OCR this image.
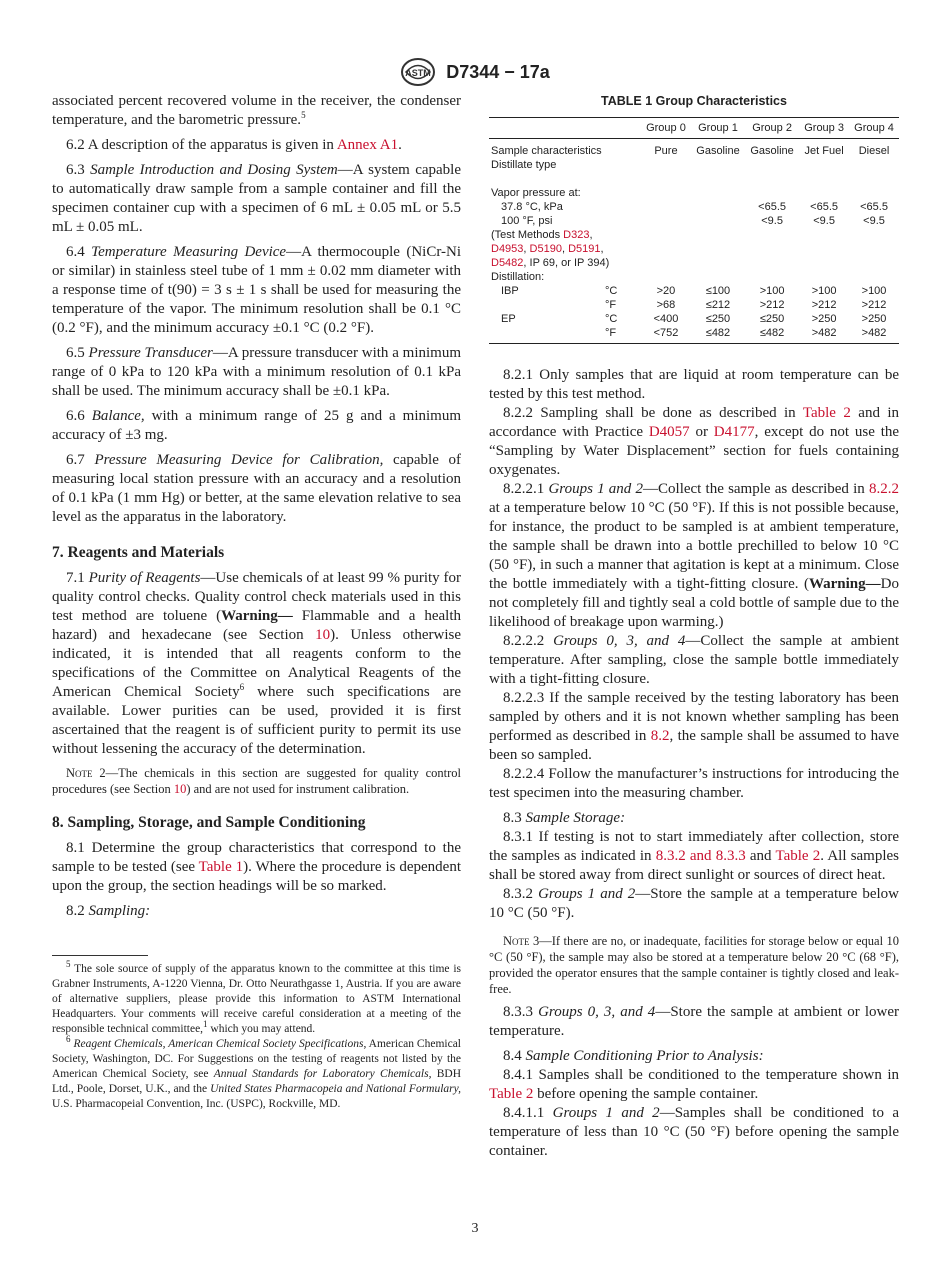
ASTM D7344 − 17a

associated percent recovered volume in the receiver, the condenser temperature, and the barometric pressure.$^5$

6.2 A description of the apparatus is given in Annex A1.

6.3 Sample Introduction and Dosing System—A system capable to automatically draw sample from a sample container and fill the specimen container cup with a specimen of 6 mL ± 0.05 mL or 5.5 mL ± 0.05 mL.

6.4 Temperature Measuring Device—A thermocouple (NiCr-Ni or similar) in stainless steel tube of 1 mm ± 0.02 mm diameter with a response time of t(90) = 3 s ± 1 s shall be used for measuring the temperature of the vapor. The minimum resolution shall be 0.1 °C (0.2 °F), and the minimum accuracy ±0.1 °C (0.2 °F).

6.5 Pressure Transducer—A pressure transducer with a minimum range of 0 kPa to 120 kPa with a minimum resolution of 0.1 kPa shall be used. The minimum accuracy shall be ±0.1 kPa.

6.6 Balance, with a minimum range of 25 g and a minimum accuracy of ±3 mg.

6.7 Pressure Measuring Device for Calibration, capable of measuring local station pressure with an accuracy and a resolution of 0.1 kPa (1 mm Hg) or better, at the same elevation relative to sea level as the apparatus in the laboratory.

7. Reagents and Materials

7.1 Purity of Reagents—Use chemicals of at least 99 % purity for quality control checks. Quality control check materials used in this test method are toluene (Warning— Flammable and a health hazard) and hexadecane (see Section 10). Unless otherwise indicated, it is intended that all reagents conform to the specifications of the Committee on Analytical Reagents of the American Chemical Society$^6$ where such specifications are available. Lower purities can be used, provided it is first ascertained that the reagent is of sufficient purity to permit its use without lessening the accuracy of the determination.

Note 2—The chemicals in this section are suggested for quality control procedures (see Section 10) and are not used for instrument calibration.

8. Sampling, Storage, and Sample Conditioning

8.1 Determine the group characteristics that correspond to the sample to be tested (see Table 1). Where the procedure is dependent upon the group, the section headings will be so marked.

8.2 Sampling:

$^5$ The sole source of supply of the apparatus known to the committee at this time is Grabner Instruments, A-1220 Vienna, Dr. Otto Neurathgasse 1, Austria. If you are aware of alternative suppliers, please provide this information to ASTM International Headquarters. Your comments will receive careful consideration at a meeting of the responsible technical committee,$^1$ which you may attend.

$^6$ Reagent Chemicals, American Chemical Society Specifications, American Chemical Society, Washington, DC. For Suggestions on the testing of reagents not listed by the American Chemical Society, see Annual Standards for Laboratory Chemicals, BDH Ltd., Poole, Dorset, U.K., and the United States Pharmacopeia and National Formulary, U.S. Pharmacopeial Convention, Inc. (USPC), Rockville, MD.

TABLE 1 Group Characteristics
		Group 0	Group 1	Group 2	Group 3	Group 4
Sample characteristics
Distillate type		Pure	Gasoline	Gasoline	Jet Fuel	Diesel
Vapor pressure at:						
37.8 °C, kPa				<65.5	<65.5	<65.5
100 °F, psi				<9.5	<9.5	<9.5
(Test Methods D323,
D4953, D5190, D5191,
D5482, IP 69, or IP 394)						
Distillation:						
IBP	°C	>20	≤100	>100	>100	>100
	°F	>68	≤212	>212	>212	>212
EP	°C	<400	≤250	≤250	>250	>250
	°F	<752	≤482	≤482	>482	>482

8.2.1 Only samples that are liquid at room temperature can be tested by this test method.

8.2.2 Sampling shall be done as described in Table 2 and in accordance with Practice D4057 or D4177, except do not use the “Sampling by Water Displacement” section for fuels containing oxygenates.

8.2.2.1 Groups 1 and 2—Collect the sample as described in 8.2.2 at a temperature below 10 °C (50 °F). If this is not possible because, for instance, the product to be sampled is at ambient temperature, the sample shall be drawn into a bottle prechilled to below 10 °C (50 °F), in such a manner that agitation is kept at a minimum. Close the bottle immediately with a tight-fitting closure. (Warning—Do not completely fill and tightly seal a cold bottle of sample due to the likelihood of breakage upon warming.)

8.2.2.2 Groups 0, 3, and 4—Collect the sample at ambient temperature. After sampling, close the sample bottle immediately with a tight-fitting closure.

8.2.2.3 If the sample received by the testing laboratory has been sampled by others and it is not known whether sampling has been performed as described in 8.2, the sample shall be assumed to have been so sampled.

8.2.2.4 Follow the manufacturer’s instructions for introducing the test specimen into the measuring chamber.

8.3 Sample Storage:

8.3.1 If testing is not to start immediately after collection, store the samples as indicated in 8.3.2 and 8.3.3 and Table 2. All samples shall be stored away from direct sunlight or sources of direct heat.

8.3.2 Groups 1 and 2—Store the sample at a temperature below 10 °C (50 °F).

Note 3—If there are no, or inadequate, facilities for storage below or equal 10 °C (50 °F), the sample may also be stored at a temperature below 20 °C (68 °F), provided the operator ensures that the sample container is tightly closed and leak-free.

8.3.3 Groups 0, 3, and 4—Store the sample at ambient or lower temperature.

8.4 Sample Conditioning Prior to Analysis:

8.4.1 Samples shall be conditioned to the temperature shown in Table 2 before opening the sample container.

8.4.1.1 Groups 1 and 2—Samples shall be conditioned to a temperature of less than 10 °C (50 °F) before opening the sample container.

3
